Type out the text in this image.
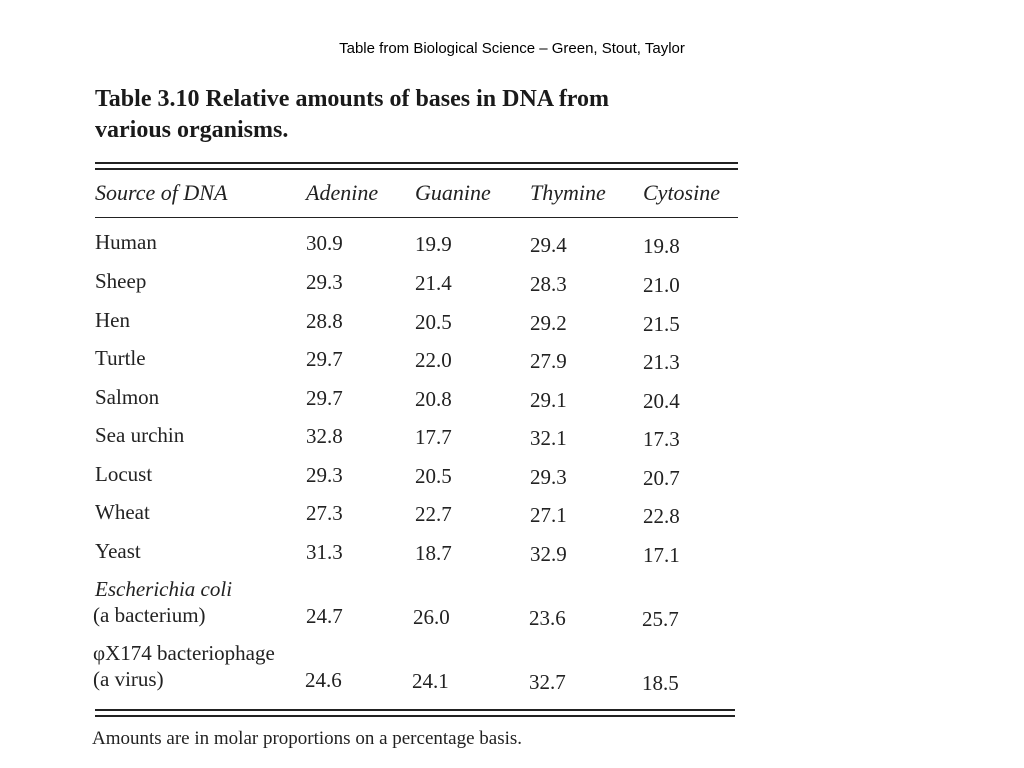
Table from Biological Science – Green, Stout, Taylor
Table 3.10 Relative amounts of bases in DNA from
various organisms.
Source of DNA	Adenine Guanine Thymine Cytosine
Human	30.9	19.9	29.4	19.8
Sheep	29.3	21.4	28.3	21.0
Hen	28.8	20.5	29.2	21.5
Turtle	29.7	22.0	27.9	21.3
Salmon	29.7	20.8	29.1	20.4
Sea urchin	32.8	17.7	32.1	17.3
Locust	29.3	20.5	29.3	20.7
Wheat	27.3	22.7	27.1	22.8
Yeast	31.3	18.7	32.9	17.1
Escherichia coli
(a bacterium)	24.7	26.0	23.6	25.7
φX174 bacteriophage
(a virus)	24.6	24.1	32.7	18.5
Amounts are in molar proportions on a percentage basis.
